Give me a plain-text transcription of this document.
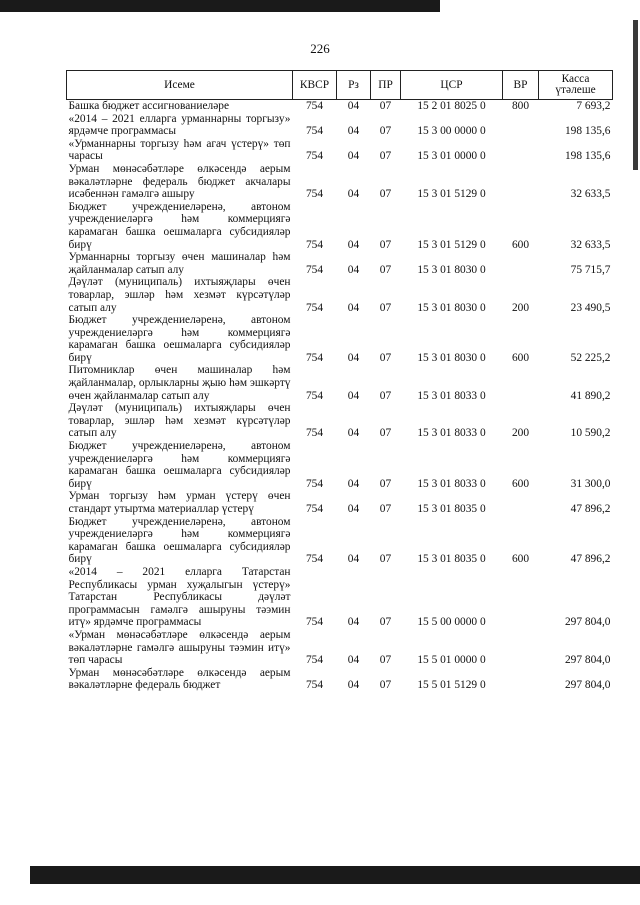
226
Исеме	КВСР	Рз	ПР	ЦСР	ВР	Касса үтәлеше
Башка бюджет ассигнованиеләре	754	04	07	15 2 01 8025 0	800	7 693,2
«2014 – 2021 елларга урманнарны торгызу» ярдәмче программасы	754	04	07	15 3 00 0000 0		198 135,6
«Урманнарны торгызу һәм агач үстерү» төп чарасы	754	04	07	15 3 01 0000 0		198 135,6
Урман мөнәсәбәтләре өлкәсендә аерым вәкаләтләрне федераль бюджет акчалары исәбеннән гамәлгә ашыру	754	04	07	15 3 01 5129 0		32 633,5
Бюджет учреждениеләренә, автоном учреждениеләргә һәм коммерциягә карамаган башка оешмаларга субсидияләр бирү	754	04	07	15 3 01 5129 0	600	32 633,5
Урманнарны торгызу өчен машиналар һәм җайланмалар сатып алу	754	04	07	15 3 01 8030 0		75 715,7
Дәүләт (муниципаль) ихтыяҗлары өчен товарлар, эшләр һәм хезмәт күрсәтүләр сатып алу	754	04	07	15 3 01 8030 0	200	23 490,5
Бюджет учреждениеләренә, автоном учреждениеләргә һәм коммерциягә карамаган башка оешмаларга субсидияләр бирү	754	04	07	15 3 01 8030 0	600	52 225,2
Питомниклар өчен машиналар һәм җайланмалар, орлыкларны җыю һәм эшкәртү өчен җайланмалар сатып алу	754	04	07	15 3 01 8033 0		41 890,2
Дәүләт (муниципаль) ихтыяҗлары өчен товарлар, эшләр һәм хезмәт күрсәтүләр сатып алу	754	04	07	15 3 01 8033 0	200	10 590,2
Бюджет учреждениеләренә, автоном учреждениеләргә һәм коммерциягә карамаган башка оешмаларга субсидияләр бирү	754	04	07	15 3 01 8033 0	600	31 300,0
Урман торгызу һәм урман үстерү өчен стандарт утыртма материаллар үстерү	754	04	07	15 3 01 8035 0		47 896,2
Бюджет учреждениеләренә, автоном учреждениеләргә һәм коммерциягә карамаган башка оешмаларга субсидияләр бирү	754	04	07	15 3 01 8035 0	600	47 896,2
«2014 – 2021 елларга Татарстан Республикасы урман хуҗалыгын үстерү» Татарстан Республикасы дәүләт программасын гамәлгә ашыруны тәэмин итү» ярдәмче программасы	754	04	07	15 5 00 0000 0		297 804,0
«Урман мөнәсәбәтләре өлкәсендә аерым вәкаләтләрне гамәлгә ашыруны тәэмин итү» төп чарасы	754	04	07	15 5 01 0000 0		297 804,0
Урман мөнәсәбәтләре өлкәсендә аерым вәкаләтләрне федераль бюджет	754	04	07	15 5 01 5129 0		297 804,0
